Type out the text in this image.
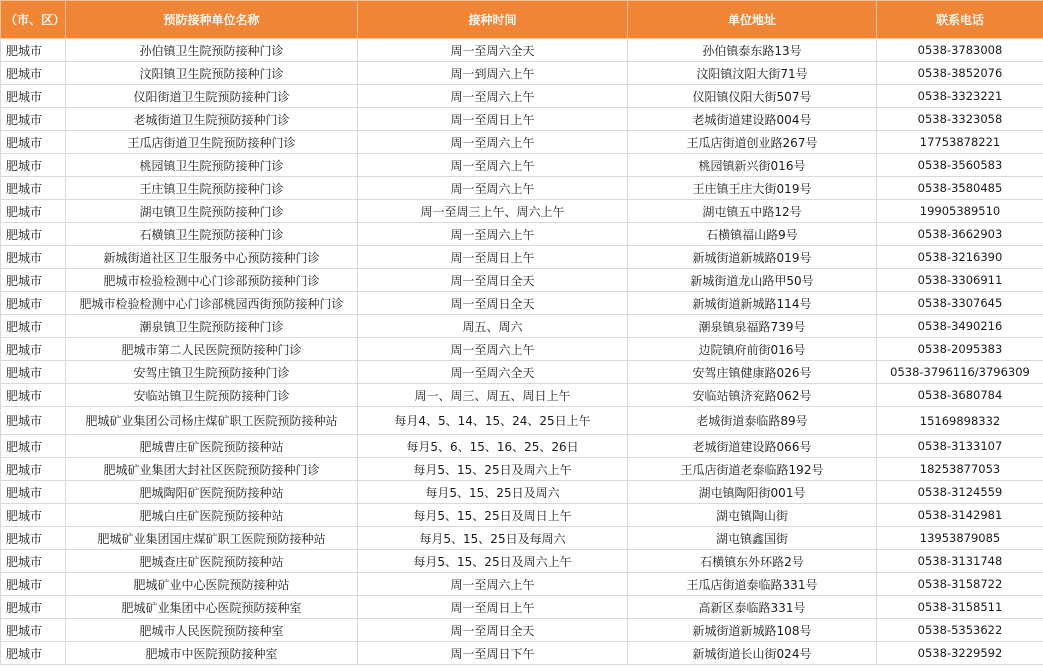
（市、区）	预防接种单位名称	接种时间	单位地址	联系电话
肥城市	孙伯镇卫生院预防接种门诊	周一至周六全天	孙伯镇泰东路13号	0538-3783008
肥城市	汶阳镇卫生院预防接种门诊	周一到周六上午	汶阳镇汶阳大街71号	0538-3852076
肥城市	仪阳街道卫生院预防接种门诊	周一至周六上午	仪阳镇仪阳大街507号	0538-3323221
肥城市	老城街道卫生院预防接种门诊	周一至周日上午	老城街道建设路004号	0538-3323058
肥城市	王瓜店街道卫生院预防接种门诊	周一至周六上午	王瓜店街道创业路267号	17753878221
肥城市	桃园镇卫生院预防接种门诊	周一至周六上午	桃园镇新兴街016号	0538-3560583
肥城市	王庄镇卫生院预防接种门诊	周一至周六上午	王庄镇王庄大街019号	0538-3580485
肥城市	湖屯镇卫生院预防接种门诊	周一至周三上午、周六上午	湖屯镇五中路12号	19905389510
肥城市	石横镇卫生院预防接种门诊	周一至周六上午	石横镇福山路9号	0538-3662903
肥城市	新城街道社区卫生服务中心预防接种门诊	周一至周日上午	新城街道新城路019号	0538-3216390
肥城市	肥城市检验检测中心门诊部预防接种门诊	周一至周日全天	新城街道龙山路甲50号	0538-3306911
肥城市	肥城市检验检测中心门诊部桃园西街预防接种门诊	周一至周日全天	新城街道新城路114号	0538-3307645
肥城市	潮泉镇卫生院预防接种门诊	周五、周六	潮泉镇泉福路739号	0538-3490216
肥城市	肥城市第二人民医院预防接种门诊	周一至周六上午	边院镇府前街016号	0538-2095383
肥城市	安驾庄镇卫生院预防接种门诊	周一至周六全天	安驾庄镇健康路026号	0538-3796116/3796309
肥城市	安临站镇卫生院预防接种门诊	周一、周三、周五、周日上午	安临站镇济兖路062号	0538-3680784
肥城市	肥城矿业集团公司杨庄煤矿职工医院预防接种站	每月4、5、14、15、24、25日上午	老城街道泰临路89号	15169898332
肥城市	肥城曹庄矿医院预防接种站	每月5、6、15、16、25、26日	老城街道建设路066号	0538-3133107
肥城市	肥城矿业集团大封社区医院预防接种门诊	每月5、15、25日及周六上午	王瓜店街道老泰临路192号	18253877053
肥城市	肥城陶阳矿医院预防接种站	每月5、15、25日及周六	湖屯镇陶阳街001号	0538-3124559
肥城市	肥城白庄矿医院预防接种站	每月5、15、25日及周日上午	湖屯镇陶山街	0538-3142981
肥城市	肥城矿业集团国庄煤矿职工医院预防接种站	每月5、15、25日及每周六	湖屯镇鑫国街	13953879085
肥城市	肥城查庄矿医院预防接种站	每月5、15、25日及周六上午	石横镇东外环路2号	0538-3131748
肥城市	肥城矿业中心医院预防接种站	周一至周六上午	王瓜店街道泰临路331号	0538-3158722
肥城市	肥城矿业集团中心医院预防接种室	周一至周日上午	高新区泰临路331号	0538-3158511
肥城市	肥城市人民医院预防接种室	周一至周日全天	新城街道新城路108号	0538-5353622
肥城市	肥城市中医院预防接种室	周一至周日下午	新城街道长山街024号	0538-3229592
